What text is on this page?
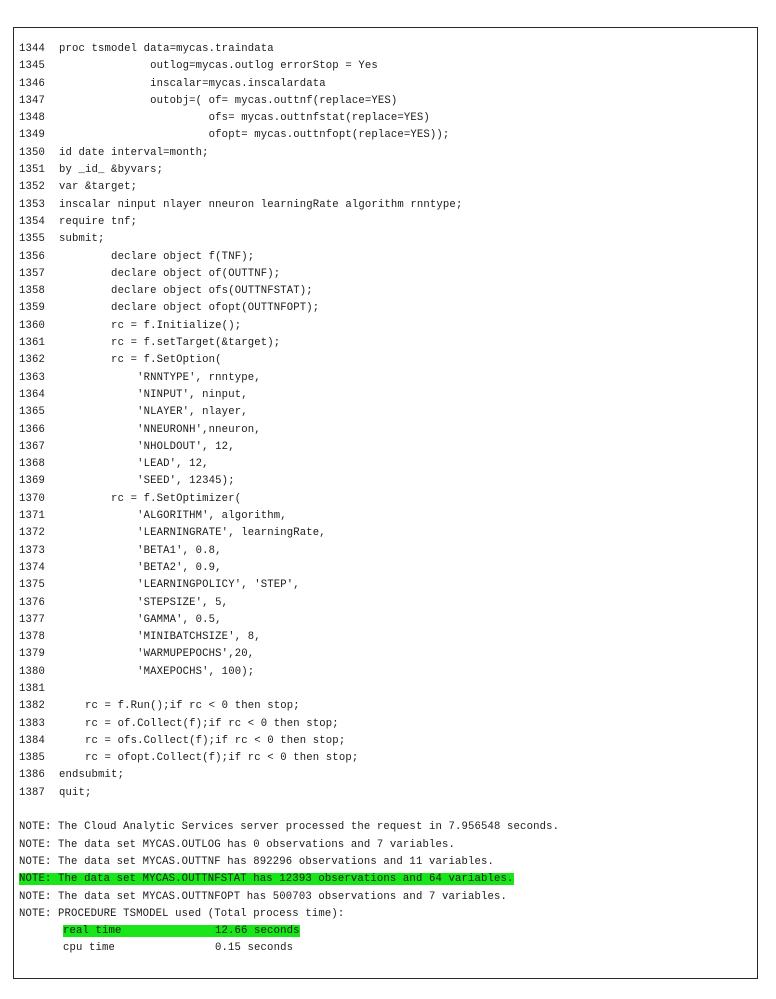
1344 proc tsmodel data=mycas.traindata
1345              outlog=mycas.outlog errorStop = Yes
1346              inscalar=mycas.inscalardata
1347              outobj=( of= mycas.outtnf(replace=YES)
1348                       ofs= mycas.outtnfstat(replace=YES)
1349                       ofopt= mycas.outtnfopt(replace=YES));
1350 id date interval=month;
1351 by _id_ &byvars;
1352 var &target;
1353 inscalar ninput nlayer nneuron learningRate algorithm rnntype;
1354 require tnf;
1355 submit;
1356        declare object f(TNF);
1357        declare object of(OUTTNF);
1358        declare object ofs(OUTTNFSTAT);
1359        declare object ofopt(OUTTNFOPT);
1360        rc = f.Initialize();
1361        rc = f.setTarget(&target);
1362        rc = f.SetOption(
1363            'RNNTYPE', rnntype,
1364            'NINPUT', ninput,
1365            'NLAYER', nlayer,
1366            'NNEURONH',nneuron,
1367            'NHOLDOUT', 12,
1368            'LEAD', 12,
1369            'SEED', 12345);
1370        rc = f.SetOptimizer(
1371            'ALGORITHM', algorithm,
1372            'LEARNINGRATE', learningRate,
1373            'BETA1', 0.8,
1374            'BETA2', 0.9,
1375            'LEARNINGPOLICY', 'STEP',
1376            'STEPSIZE', 5,
1377            'GAMMA', 0.5,
1378            'MINIBATCHSIZE', 8,
1379            'WARMUPEPOCHS',20,
1380            'MAXEPOCHS', 100);
1381
1382    rc = f.Run();if rc < 0 then stop;
1383    rc = of.Collect(f);if rc < 0 then stop;
1384    rc = ofs.Collect(f);if rc < 0 then stop;
1385    rc = ofopt.Collect(f);if rc < 0 then stop;
1386 endsubmit;
1387 quit;
NOTE: The Cloud Analytic Services server processed the request in 7.956548 seconds.
NOTE: The data set MYCAS.OUTLOG has 0 observations and 7 variables.
NOTE: The data set MYCAS.OUTTNF has 892296 observations and 11 variables.
NOTE: The data set MYCAS.OUTTNFSTAT has 12393 observations and 64 variables.
NOTE: The data set MYCAS.OUTTNFOPT has 500703 observations and 7 variables.
NOTE: PROCEDURE TSMODEL used (Total process time):
real time	12.66 seconds
cpu time	0.15 seconds
